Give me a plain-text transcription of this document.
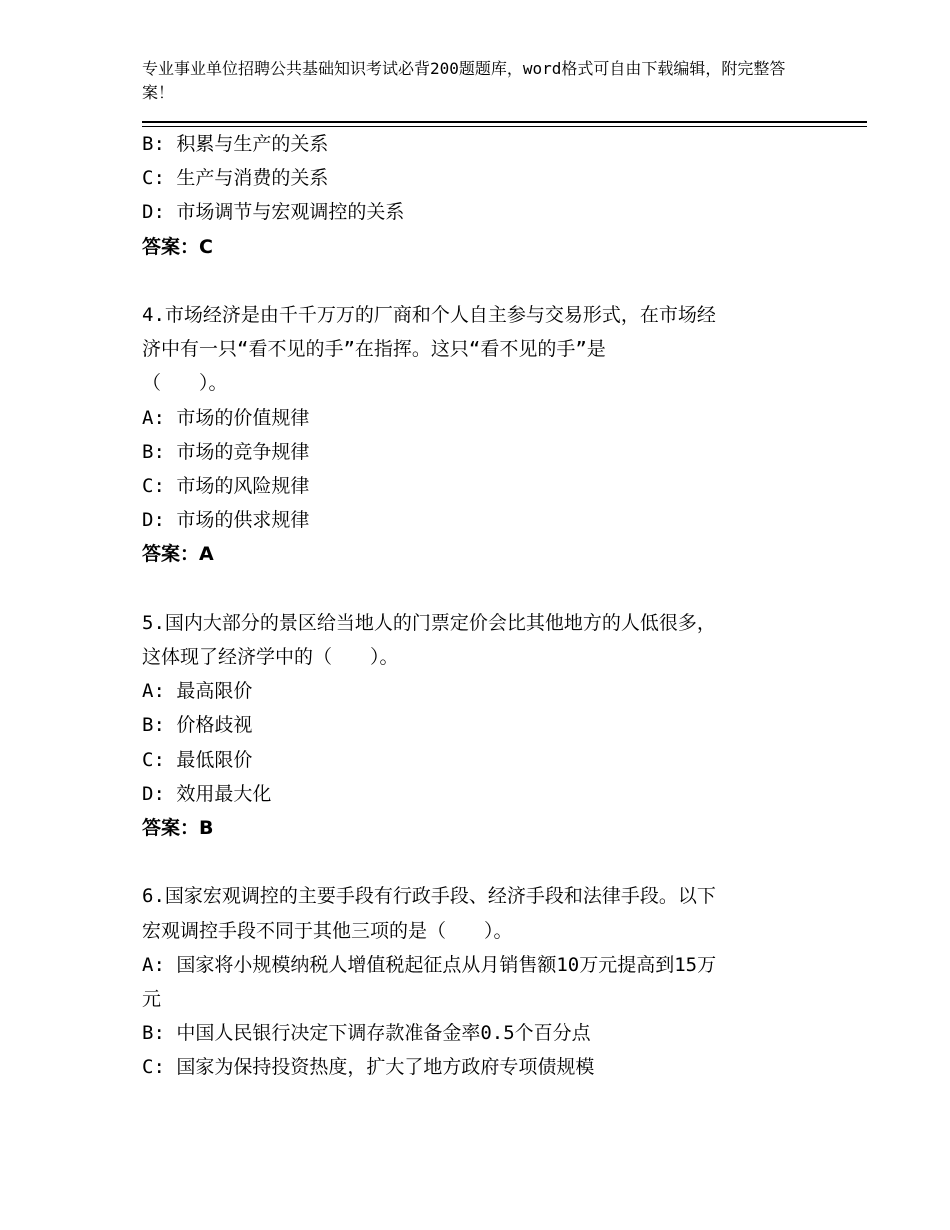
专业事业单位招聘公共基础知识考试必背200题题库，word格式可自由下载编辑，附完整答案！
B: 积累与生产的关系
C: 生产与消费的关系
D: 市场调节与宏观调控的关系
答案：C
4.市场经济是由千千万万的厂商和个人自主参与交易形式，在市场经
济中有一只“看不见的手”在指挥。这只“看不见的手”是
（　　）。
A: 市场的价值规律
B: 市场的竞争规律
C: 市场的风险规律
D: 市场的供求规律
答案：A
5.国内大部分的景区给当地人的门票定价会比其他地方的人低很多，
这体现了经济学中的（　　）。
A: 最高限价
B: 价格歧视
C: 最低限价
D: 效用最大化
答案：B
6.国家宏观调控的主要手段有行政手段、经济手段和法律手段。以下
宏观调控手段不同于其他三项的是（　　）。
A: 国家将小规模纳税人增值税起征点从月销售额10万元提高到15万
元
B: 中国人民银行决定下调存款准备金率0.5个百分点
C: 国家为保持投资热度，扩大了地方政府专项债规模
